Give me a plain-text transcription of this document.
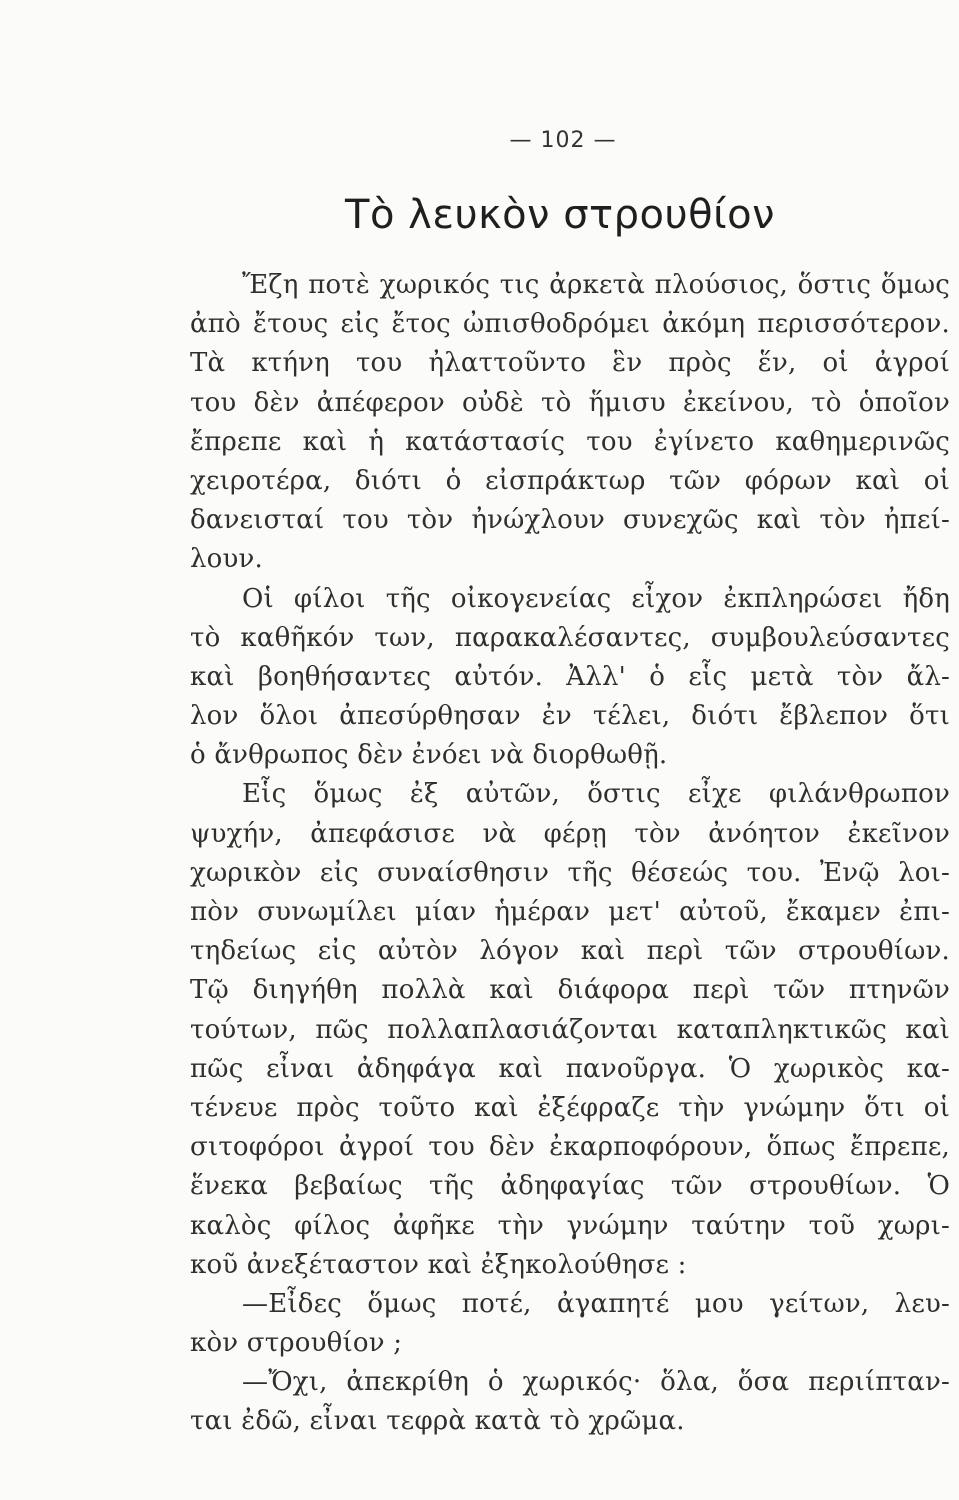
— 102 —
Τὸ λευκὸν στρουθίον
Ἔζη ποτὲ χωρικός τις ἀρκετὰ πλούσιος, ὅστις ὅμως
ἀπὸ ἔτους εἰς ἔτος ὠπισθοδρόμει ἀκόμη περισσότερον.
Τὰ κτήνη του ἠλαττοῦντο ἓν πρὸς ἕν, οἱ ἀγροί
του δὲν ἀπέφερον οὐδὲ τὸ ἥμισυ ἐκείνου, τὸ ὁποῖον
ἔπρεπε καὶ ἡ κατάστασίς του ἐγίνετο καθημερινῶς
χειροτέρα, διότι ὁ εἰσπράκτωρ τῶν φόρων καὶ οἱ
δανεισταί του τὸν ἠνώχλουν συνεχῶς καὶ τὸν ἠπεί-
λουν.
Οἱ φίλοι τῆς οἰκογενείας εἶχον ἐκπληρώσει ἤδη
τὸ καθῆκόν των, παρακαλέσαντες, συμβουλεύσαντες
καὶ βοηθήσαντες αὐτόν. Ἀλλ' ὁ εἷς μετὰ τὸν ἄλ-
λον ὅλοι ἀπεσύρθησαν ἐν τέλει, διότι ἔβλεπον ὅτι
ὁ ἄνθρωπος δὲν ἐνόει νὰ διορθωθῇ.
Εἷς ὅμως ἐξ αὐτῶν, ὅστις εἶχε φιλάνθρωπον
ψυχήν, ἀπεφάσισε νὰ φέρῃ τὸν ἀνόητον ἐκεῖνον
χωρικὸν εἰς συναίσθησιν τῆς θέσεώς του. Ἐνῷ λοι-
πὸν συνωμίλει μίαν ἡμέραν μετ' αὐτοῦ, ἔκαμεν ἐπι-
τηδείως εἰς αὐτὸν λόγον καὶ περὶ τῶν στρουθίων.
Τῷ διηγήθη πολλὰ καὶ διάφορα περὶ τῶν πτηνῶν
τούτων, πῶς πολλαπλασιάζονται καταπληκτικῶς καὶ
πῶς εἶναι ἀδηφάγα καὶ πανοῦργα. Ὁ χωρικὸς κα-
τένευε πρὸς τοῦτο καὶ ἐξέφραζε τὴν γνώμην ὅτι οἱ
σιτοφόροι ἀγροί του δὲν ἐκαρποφόρουν, ὅπως ἔπρεπε,
ἕνεκα βεβαίως τῆς ἀδηφαγίας τῶν στρουθίων. Ὁ
καλὸς φίλος ἀφῆκε τὴν γνώμην ταύτην τοῦ χωρι-
κοῦ ἀνεξέταστον καὶ ἐξηκολούθησε :
—Εἶδες ὅμως ποτέ, ἀγαπητέ μου γείτων, λευ-
κὸν στρουθίον ;
—Ὄχι, ἀπεκρίθη ὁ χωρικός· ὅλα, ὅσα περιίπταν-
ται ἐδῶ, εἶναι τεφρὰ κατὰ τὸ χρῶμα.
